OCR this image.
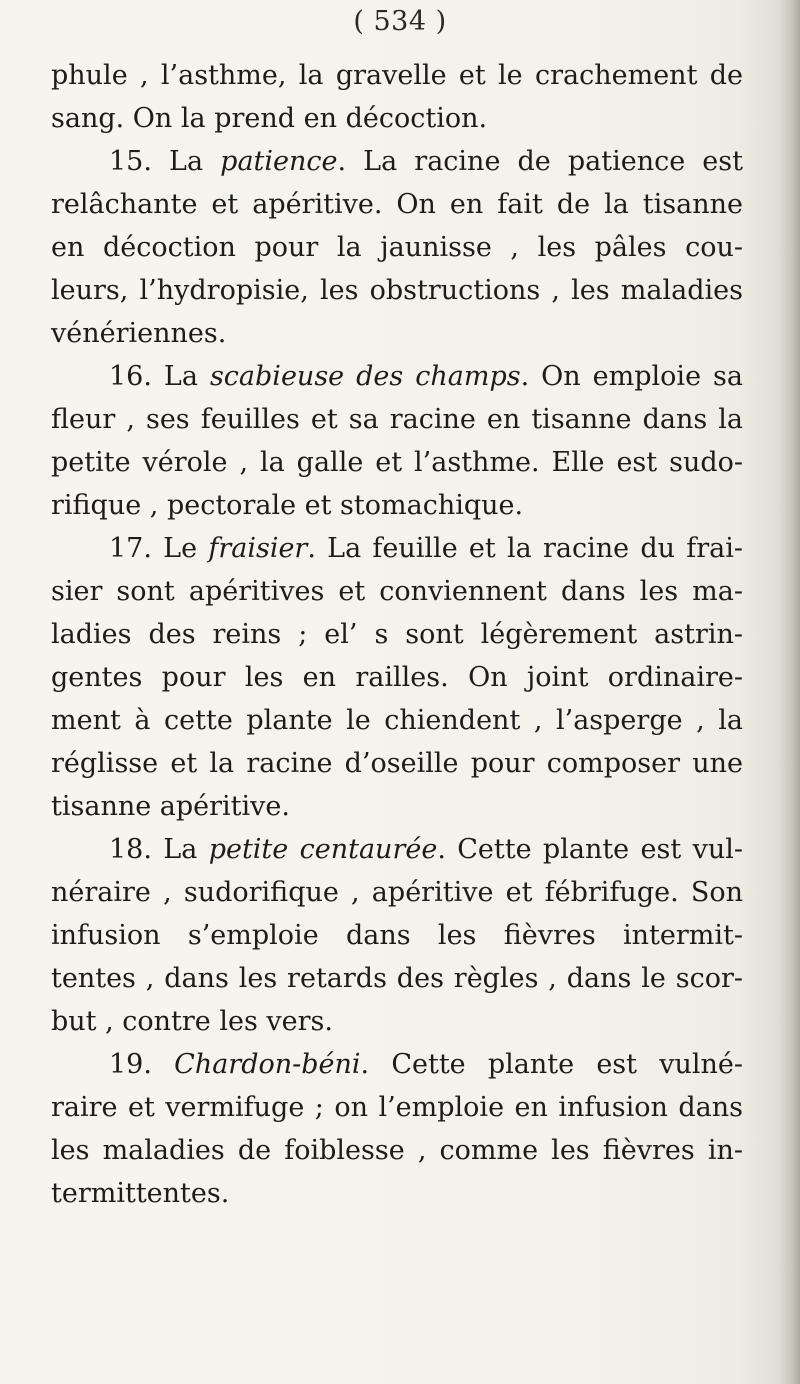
( 534 )
phule , l’asthme, la gravelle et le crachement de
sang. On la prend en décoction.
15. La patience. La racine de patience est
relâchante et apéritive. On en fait de la tisanne
en décoction pour la jaunisse , les pâles cou-
leurs, l’hydropisie, les obstructions , les maladies
vénériennes.
16. La scabieuse des champs. On emploie sa
fleur , ses feuilles et sa racine en tisanne dans la
petite vérole , la galle et l’asthme. Elle est sudo-
rifique , pectorale et stomachique.
17. Le fraisier. La feuille et la racine du frai-
sier sont apéritives et conviennent dans les ma-
ladies des reins ; el’ s sont légèrement astrin-
gentes pour les en railles. On joint ordinaire-
ment à cette plante le chiendent , l’asperge , la
réglisse et la racine d’oseille pour composer une
tisanne apéritive.
18. La petite centaurée. Cette plante est vul-
néraire , sudorifique , apéritive et fébrifuge. Son
infusion s’emploie dans les fièvres intermit-
tentes , dans les retards des règles , dans le scor-
but , contre les vers.
19. Chardon-béni. Cette plante est vulné-
raire et vermifuge ; on l’emploie en infusion dans
les maladies de foiblesse , comme les fièvres in-
termittentes.
